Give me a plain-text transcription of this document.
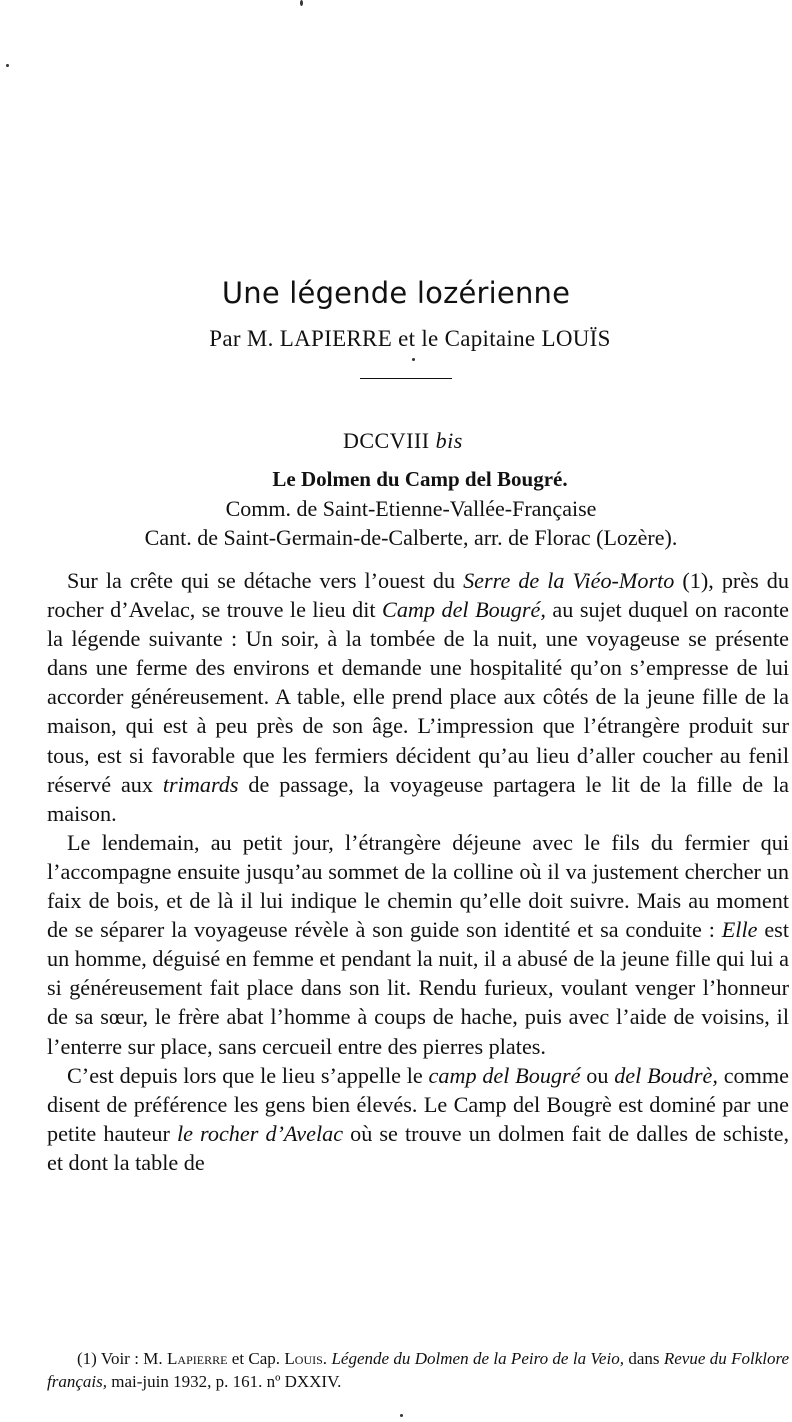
Une légende lozérienne
Par M. LAPIERRE et le Capitaine LOUÏS
DCCVIII bis
Le Dolmen du Camp del Bougré.
Comm. de Saint-Etienne-Vallée-Française
Cant. de Saint-Germain-de-Calberte, arr. de Florac (Lozère).

Sur la crête qui se détache vers l’ouest du Serre de la Viéo-Morto (1), près du rocher d’Avelac, se trouve le lieu dit Camp del Bougré, au sujet duquel on raconte la légende suivante : Un soir, à la tombée de la nuit, une voyageuse se présente dans une ferme des environs et demande une hospitalité qu’on s’empresse de lui accorder généreusement. A table, elle prend place aux côtés de la jeune fille de la maison, qui est à peu près de son âge. L’impression que l’étrangère produit sur tous, est si favorable que les fermiers décident qu’au lieu d’aller coucher au fenil réservé aux trimards de passage, la voyageuse partagera le lit de la fille de la maison.

Le lendemain, au petit jour, l’étrangère déjeune avec le fils du fermier qui l’accompagne ensuite jusqu’au sommet de la colline où il va justement chercher un faix de bois, et de là il lui indique le chemin qu’elle doit suivre. Mais au moment de se séparer la voyageuse révèle à son guide son identité et sa conduite : Elle est un homme, déguisé en femme et pendant la nuit, il a abusé de la jeune fille qui lui a si généreusement fait place dans son lit. Rendu furieux, voulant venger l’honneur de sa sœur, le frère abat l’homme à coups de hache, puis avec l’aide de voisins, il l’enterre sur place, sans cercueil entre des pierres plates.

C’est depuis lors que le lieu s’appelle le camp del Bougré ou del Boudrè, comme disent de préférence les gens bien élevés. Le Camp del Bougrè est dominé par une petite hauteur le rocher d’Avelac où se trouve un dolmen fait de dalles de schiste, et dont la table de

(1) Voir : M. Lapierre et Cap. Louis. Légende du Dolmen de la Peiro de la Veio, dans Revue du Folklore français, mai-juin 1932, p. 161. nº DXXIV.
